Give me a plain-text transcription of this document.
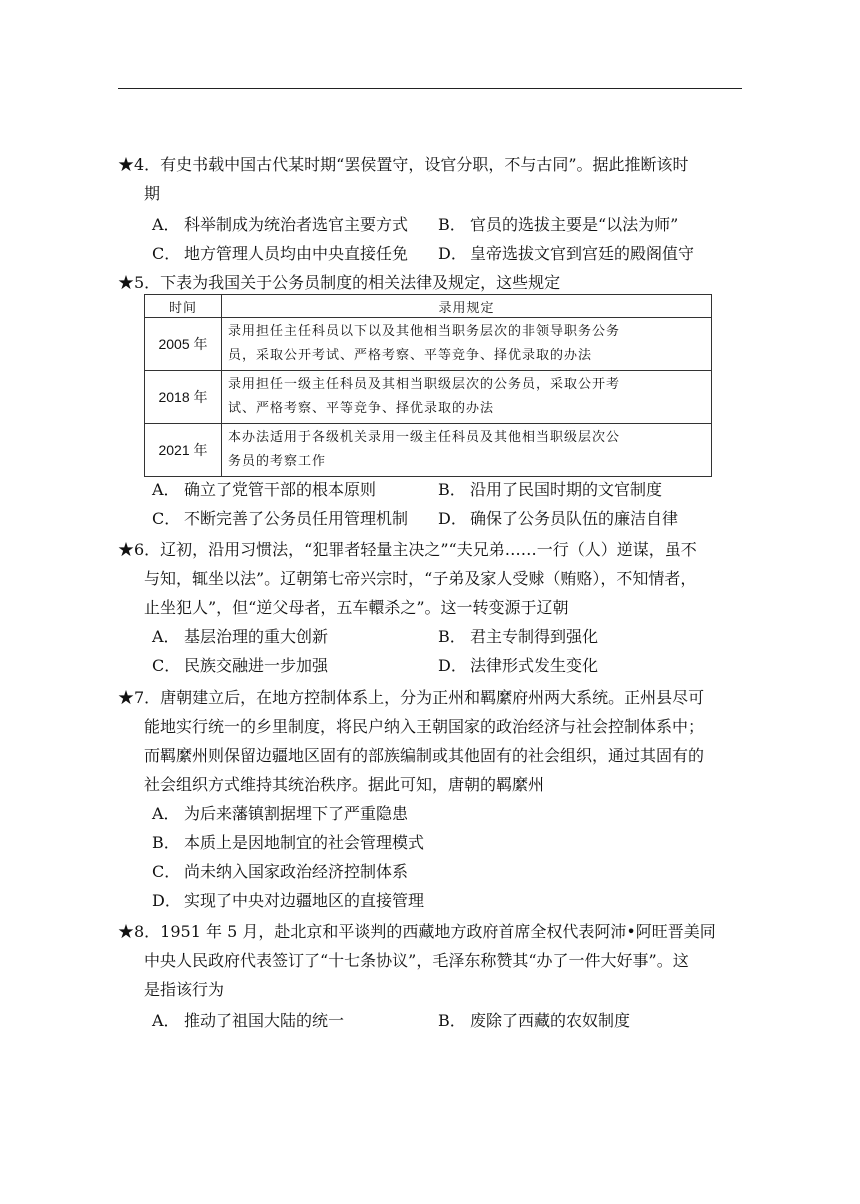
★4．有史书载中国古代某时期“罢侯置守，设官分职，不与古同”。据此推断该时
期
A． 科举制成为统治者选官主要方式 B． 官员的选拔主要是“以法为师”
C． 地方管理人员均由中央直接任免 D． 皇帝选拔文官到宫廷的殿阁值守
★5．下表为我国关于公务员制度的相关法律及规定，这些规定
时间	录用规定
2005 年	录用担任主任科员以下以及其他相当职务层次的非领导职务公务
员，采取公开考试、严格考察、平等竞争、择优录取的办法
2018 年	录用担任一级主任科员及其相当职级层次的公务员，采取公开考
试、严格考察、平等竞争、择优录取的办法
2021 年	本办法适用于各级机关录用一级主任科员及其他相当职级层次公
务员的考察工作
A． 确立了党管干部的根本原则	B． 沿用了民国时期的文官制度
C． 不断完善了公务员任用管理机制 D． 确保了公务员队伍的廉洁自律
★6．辽初，沿用习惯法，“犯罪者轻量主决之”“夫兄弟……一行（人）逆谋，虽不
与知，辄坐以法”。辽朝第七帝兴宗时，“子弟及家人受赇（贿赂），不知情者，
止坐犯人”，但“逆父母者，五车轘杀之”。这一转变源于辽朝
A． 基层治理的重大创新	B． 君主专制得到强化
C． 民族交融进一步加强	D． 法律形式发生变化
★7．唐朝建立后，在地方控制体系上，分为正州和羁縻府州两大系统。正州县尽可
能地实行统一的乡里制度，将民户纳入王朝国家的政治经济与社会控制体系中；
而羁縻州则保留边疆地区固有的部族编制或其他固有的社会组织，通过其固有的
社会组织方式维持其统治秩序。据此可知，唐朝的羁縻州
A． 为后来藩镇割据埋下了严重隐患
B． 本质上是因地制宜的社会管理模式
C． 尚未纳入国家政治经济控制体系
D． 实现了中央对边疆地区的直接管理
★8．1951 年 5 月，赴北京和平谈判的西藏地方政府首席全权代表阿沛•阿旺晋美同
中央人民政府代表签订了“十七条协议”，毛泽东称赞其“办了一件大好事”。这
是指该行为
A． 推动了祖国大陆的统一	B． 废除了西藏的农奴制度
